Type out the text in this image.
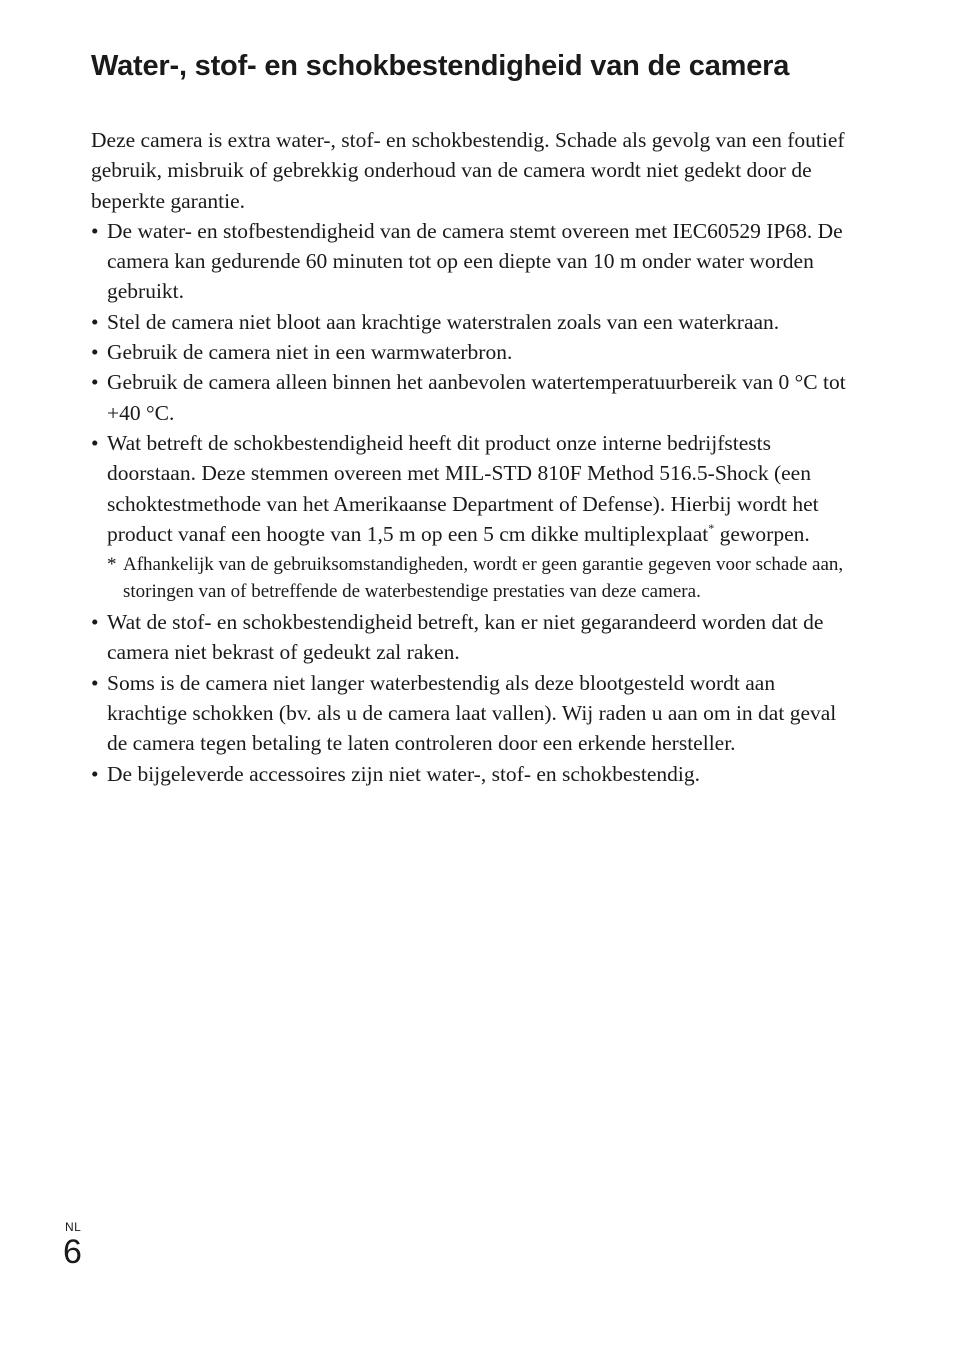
Water-, stof- en schokbestendigheid van de camera

Deze camera is extra water-, stof- en schokbestendig. Schade als gevolg van een foutief gebruik, misbruik of gebrekkig onderhoud van de camera wordt niet gedekt door de beperkte garantie.

• De water- en stofbestendigheid van de camera stemt overeen met IEC60529 IP68. De camera kan gedurende 60 minuten tot op een diepte van 10 m onder water worden gebruikt.
• Stel de camera niet bloot aan krachtige waterstralen zoals van een waterkraan.
• Gebruik de camera niet in een warmwaterbron.
• Gebruik de camera alleen binnen het aanbevolen watertemperatuurbereik van 0 °C tot +40 °C.
• Wat betreft de schokbestendigheid heeft dit product onze interne bedrijfstests doorstaan. Deze stemmen overeen met MIL-STD 810F Method 516.5-Shock (een schoktestmethode van het Amerikaanse Department of Defense). Hierbij wordt het product vanaf een hoogte van 1,5 m op een 5 cm dikke multiplexplaat* geworpen.
* Afhankelijk van de gebruiksomstandigheden, wordt er geen garantie gegeven voor schade aan, storingen van of betreffende de waterbestendige prestaties van deze camera.
• Wat de stof- en schokbestendigheid betreft, kan er niet gegarandeerd worden dat de camera niet bekrast of gedeukt zal raken.
• Soms is de camera niet langer waterbestendig als deze blootgesteld wordt aan krachtige schokken (bv. als u de camera laat vallen). Wij raden u aan om in dat geval de camera tegen betaling te laten controleren door een erkende hersteller.
• De bijgeleverde accessoires zijn niet water-, stof- en schokbestendig.
NL
6
